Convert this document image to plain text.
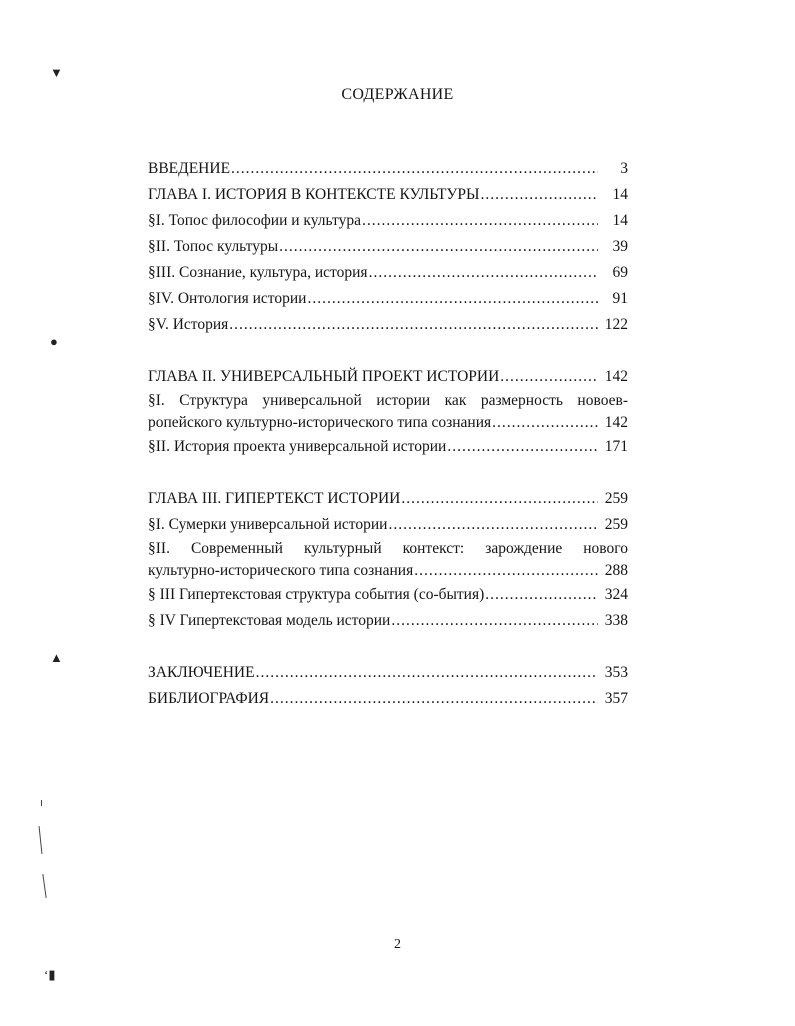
СОДЕРЖАНИЕ
ВВЕДЕНИЕ .....	3
ГЛАВА I. ИСТОРИЯ В КОНТЕКСТЕ КУЛЬТУРЫ .....	14
§I. Топос философии и культура .....	14
§II. Топос культуры .....	39
§III. Сознание, культура, история .....	69
§IV. Онтология истории .....	91
§V. История .....	122
ГЛАВА II. УНИВЕРСАЛЬНЫЙ ПРОЕКТ ИСТОРИИ .....	142
§I. Структура универсальной истории как размерность новоев-
ропейского культурно-исторического типа сознания .....	142
§II. История проекта универсальной истории .....	171
ГЛАВА III. ГИПЕРТЕКСТ ИСТОРИИ .....	259
§I. Сумерки универсальной истории .....	259
§II. Современный культурный контекст: зарождение нового
культурно-исторического типа сознания .....	288
§ III Гипертекстовая структура события (со-бытия) .....	324
§ IV Гипертекстовая модель истории .....	338
ЗАКЛЮЧЕНИЕ .....	353
БИБЛИОГРАФИЯ .....	357
2
▼
●
▲
‘▮
